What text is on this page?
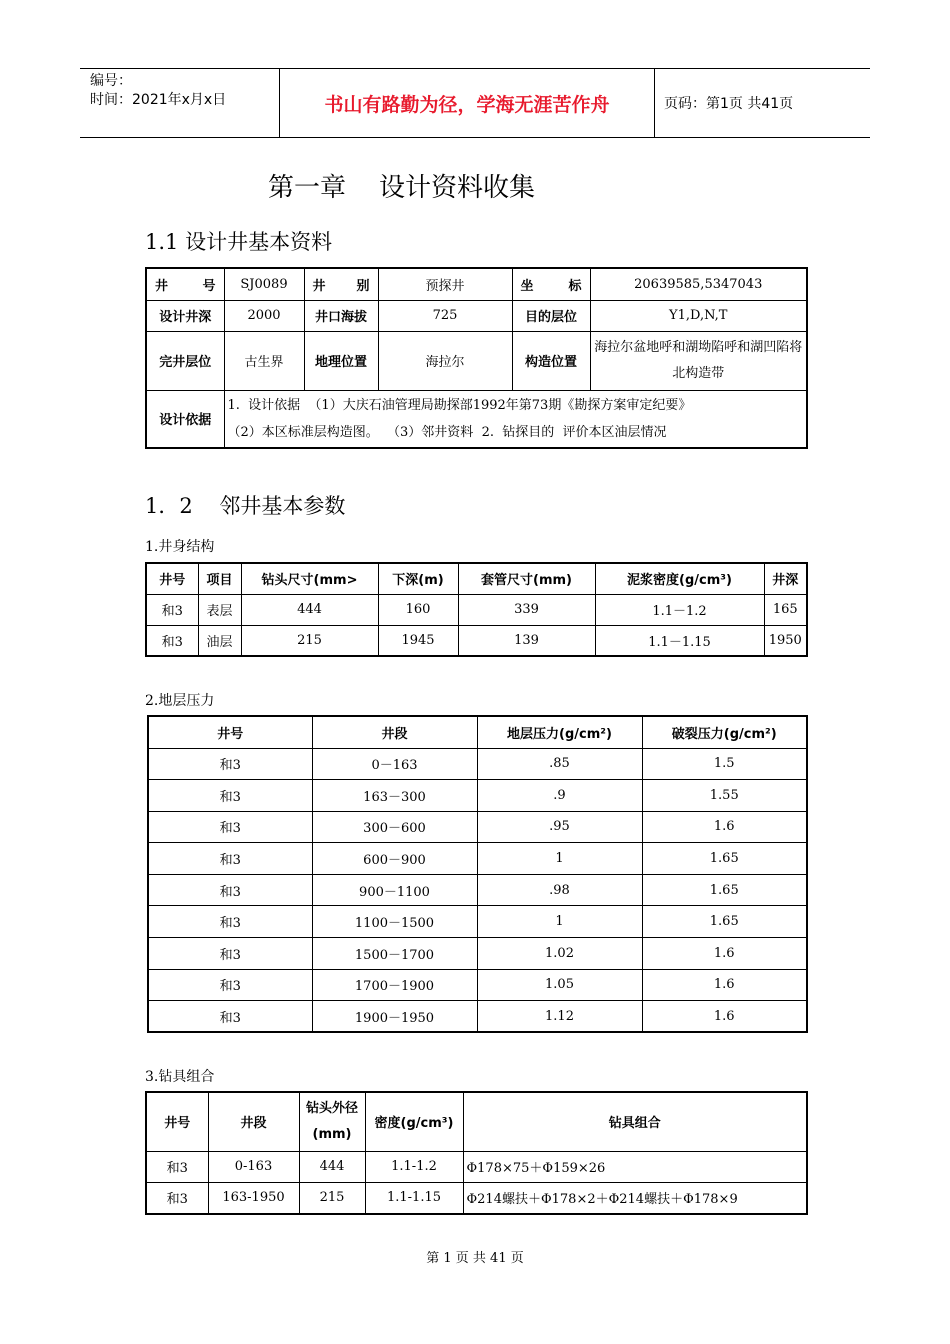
编号：
时间：2021年x月x日	书山有路勤为径，学海无涯苦作舟	页码：第1页 共41页
第一章    设计资料收集
1.1 设计井基本资料
井 号	SJ0089	井 别	预探井	坐 标	20639585,5347043
设计井深	2000	井口海拔	725	目的层位	Y1,D,N,T
完井层位	古生界	地理位置	海拉尔	构造位置	海拉尔盆地呼和湖坳陷呼和湖凹陷将北构造带
设计依据	1.  设计依据  （1）大庆石油管理局勘探部1992年第73期《勘探方案审定纪要》
（2）本区标准层构造图。  （3）邻井资料  2.  钻探目的  评价本区油层情况				
1．2    邻井基本参数
1.井身结构
井号	项目	钻头尺寸(mm>	下深(m)	套管尺寸(mm)	泥浆密度(g/cm³)	井深
和3	表层	444	160	339	1.1－1.2	165
和3	油层	215	1945	139	1.1－1.15	1950
2.地层压力
井号	井段	地层压力(g/cm²)	破裂压力(g/cm²)
和3	0－163	.85	1.5
和3	163－300	.9	1.55
和3	300－600	.95	1.6
和3	600－900	1	1.65
和3	900－1100	.98	1.65
和3	1100－1500	1	1.65
和3	1500－1700	1.02	1.6
和3	1700－1900	1.05	1.6
和3	1900－1950	1.12	1.6
3.钻具组合
井号	井段	钻头外径(mm)	密度(g/cm³)	钻具组合
和3	0-163	444	1.1-1.2	Φ178×75＋Φ159×26
和3	163-1950	215	1.1-1.15	Φ214螺扶＋Φ178×2＋Φ214螺扶＋Φ178×9
第 1 页 共 41 页
